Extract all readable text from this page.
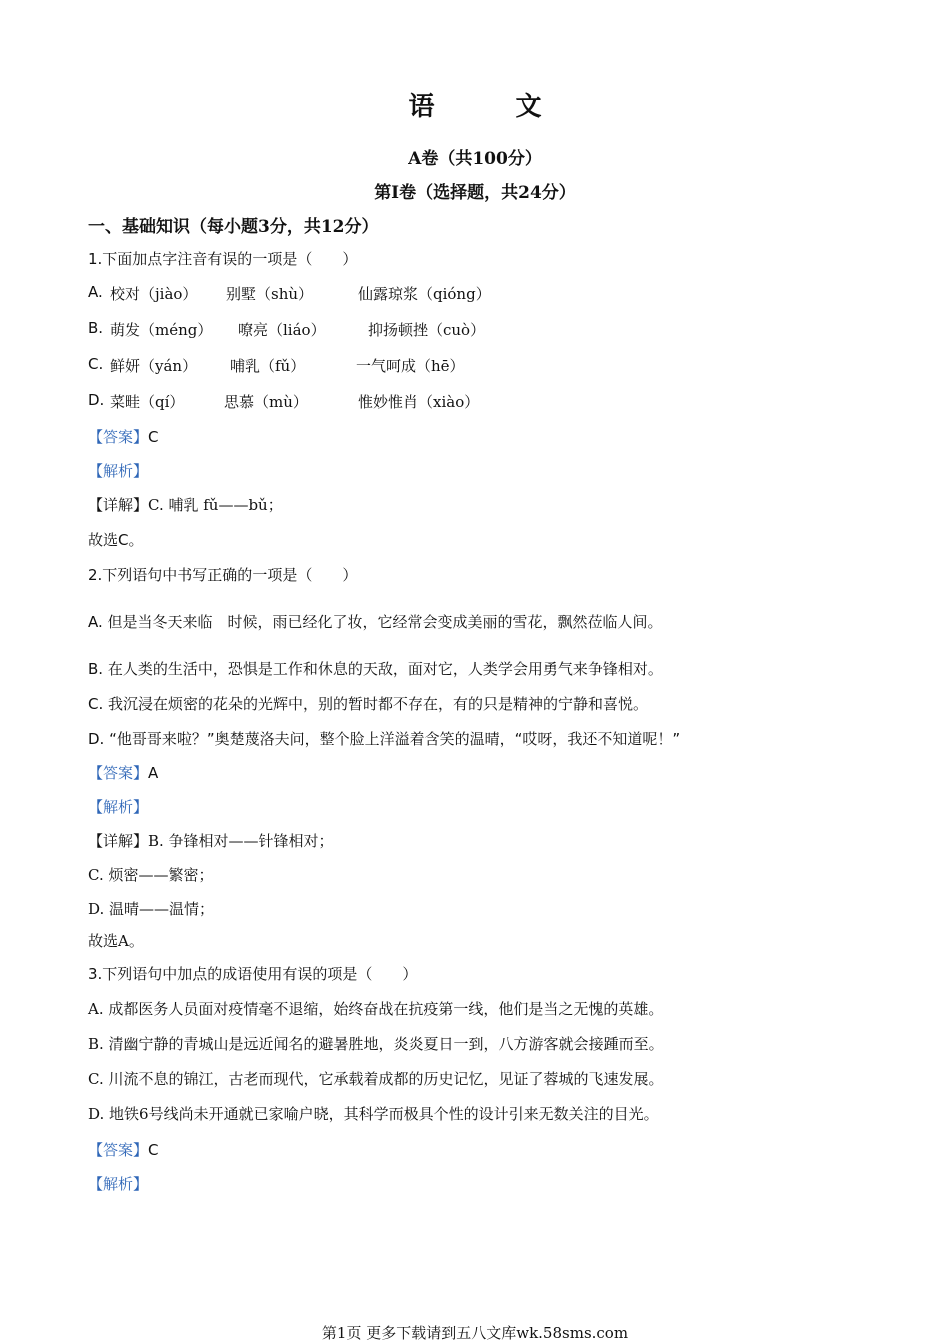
语 文
A卷（共100分）
第Ⅰ卷（选择题，共24分）
一、基础知识（每小题3分，共12分）
1.下面加点字注音有误的一项是（　　）
A. 校对（jiào） 别墅（shù）	仙露琼浆（qióng）
B. 萌发（méng） 嘹亮（liáo）	抑扬顿挫（cuò）
C. 鲜妍（yán） 哺乳（fǔ）	一气呵成（hē）
D. 菜畦（qí）	思慕（mù）	惟妙惟肖（xiào）
【答案】C
【解析】
【详解】C. 哺乳 fǔ——bǔ；
故选C。
2.下列语句中书写正确的一项是（　　）
A. 但是当冬天来临　时候，雨已经化了妆，它经常会变成美丽的雪花，飘然莅临人间。
B. 在人类的生活中，恐惧是工作和休息的天敌，面对它，人类学会用勇气来争锋相对。
C. 我沉浸在烦密的花朵的光辉中，别的暂时都不存在，有的只是精神的宁静和喜悦。
D. “他哥哥来啦？”奥楚蔑洛夫问，整个脸上洋溢着含笑的温晴，“哎呀，我还不知道呢！”
【答案】A
【解析】
【详解】B. 争锋相对——针锋相对；
C. 烦密——繁密；
D. 温晴——温情；
故选A。
3.下列语句中加点的成语使用有误的项是（　　）
A. 成都医务人员面对疫情毫不退缩，始终奋战在抗疫第一线，他们是当之无愧的英雄。
B. 清幽宁静的青城山是远近闻名的避暑胜地，炎炎夏日一到，八方游客就会接踵而至。
C. 川流不息的锦江，古老而现代，它承载着成都的历史记忆，见证了蓉城的飞速发展。
D. 地铁6号线尚未开通就已家喻户晓，其科学而极具个性的设计引来无数关注的目光。
【答案】C
【解析】
第1页 更多下载请到五八文库wk.58sms.com
